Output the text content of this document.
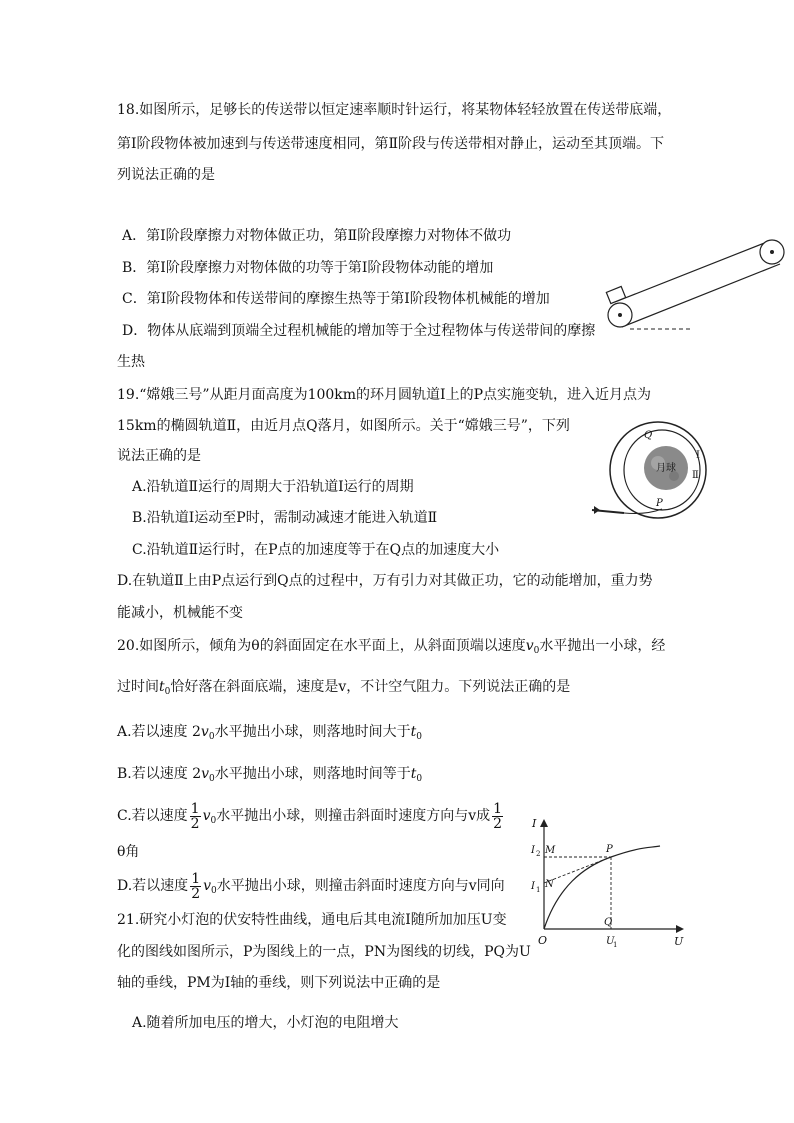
18.如图所示，足够长的传送带以恒定速率顺时针运行，将某物体轻轻放置在传送带底端，
第Ⅰ阶段物体被加速到与传送带速度相同，第Ⅱ阶段与传送带相对静止，运动至其顶端。下
列说法正确的是
A．第Ⅰ阶段摩擦力对物体做正功，第Ⅱ阶段摩擦力对物体不做功
B．第Ⅰ阶段摩擦力对物体做的功等于第Ⅰ阶段物体动能的增加
C．第Ⅰ阶段物体和传送带间的摩擦生热等于第Ⅰ阶段物体机械能的增加
D．物体从底端到顶端全过程机械能的增加等于全过程物体与传送带间的摩擦
生热
19.“嫦娥三号”从距月面高度为100km的环月圆轨道Ⅰ上的P点实施变轨，进入近月点为
15km的椭圆轨道Ⅱ，由近月点Q落月，如图所示。关于“嫦娥三号”，下列
说法正确的是
A.沿轨道Ⅱ运行的周期大于沿轨道Ⅰ运行的周期
B.沿轨道Ⅰ运动至P时，需制动减速才能进入轨道Ⅱ
C.沿轨道Ⅱ运行时，在P点的加速度等于在Q点的加速度大小
D.在轨道Ⅱ上由P点运行到Q点的过程中，万有引力对其做正功，它的动能增加，重力势
能减小，机械能不变
月球
Q
P
Ⅰ
Ⅱ
20.如图所示，倾角为θ的斜面固定在水平面上，从斜面顶端以速度$v_0$水平抛出一小球，经
过时间$t_0$恰好落在斜面底端，速度是v，不计空气阻力。下列说法正确的是
A.若以速度 $2v_0$水平抛出小球，则落地时间大于$t_0$
B.若以速度 $2v_0$水平抛出小球，则落地时间等于$t_0$
C.若以速度 $\frac{1}{2} v_0$水平抛出小球，则撞击斜面时速度方向与v成 $\frac{1}{2}$
θ角
D.若以速度 $\frac{1}{2} v_0$水平抛出小球，则撞击斜面时速度方向与v同向
21.研究小灯泡的伏安特性曲线，通电后其电流I随所加加压U变
化的图线如图所示，P为图线上的一点，PN为图线的切线，PQ为U
轴的垂线，PM为I轴的垂线，则下列说法中正确的是
A.随着所加电压的增大，小灯泡的电阻增大
I
U
O
I 2 M
I 1 N
P
Q
U
1
